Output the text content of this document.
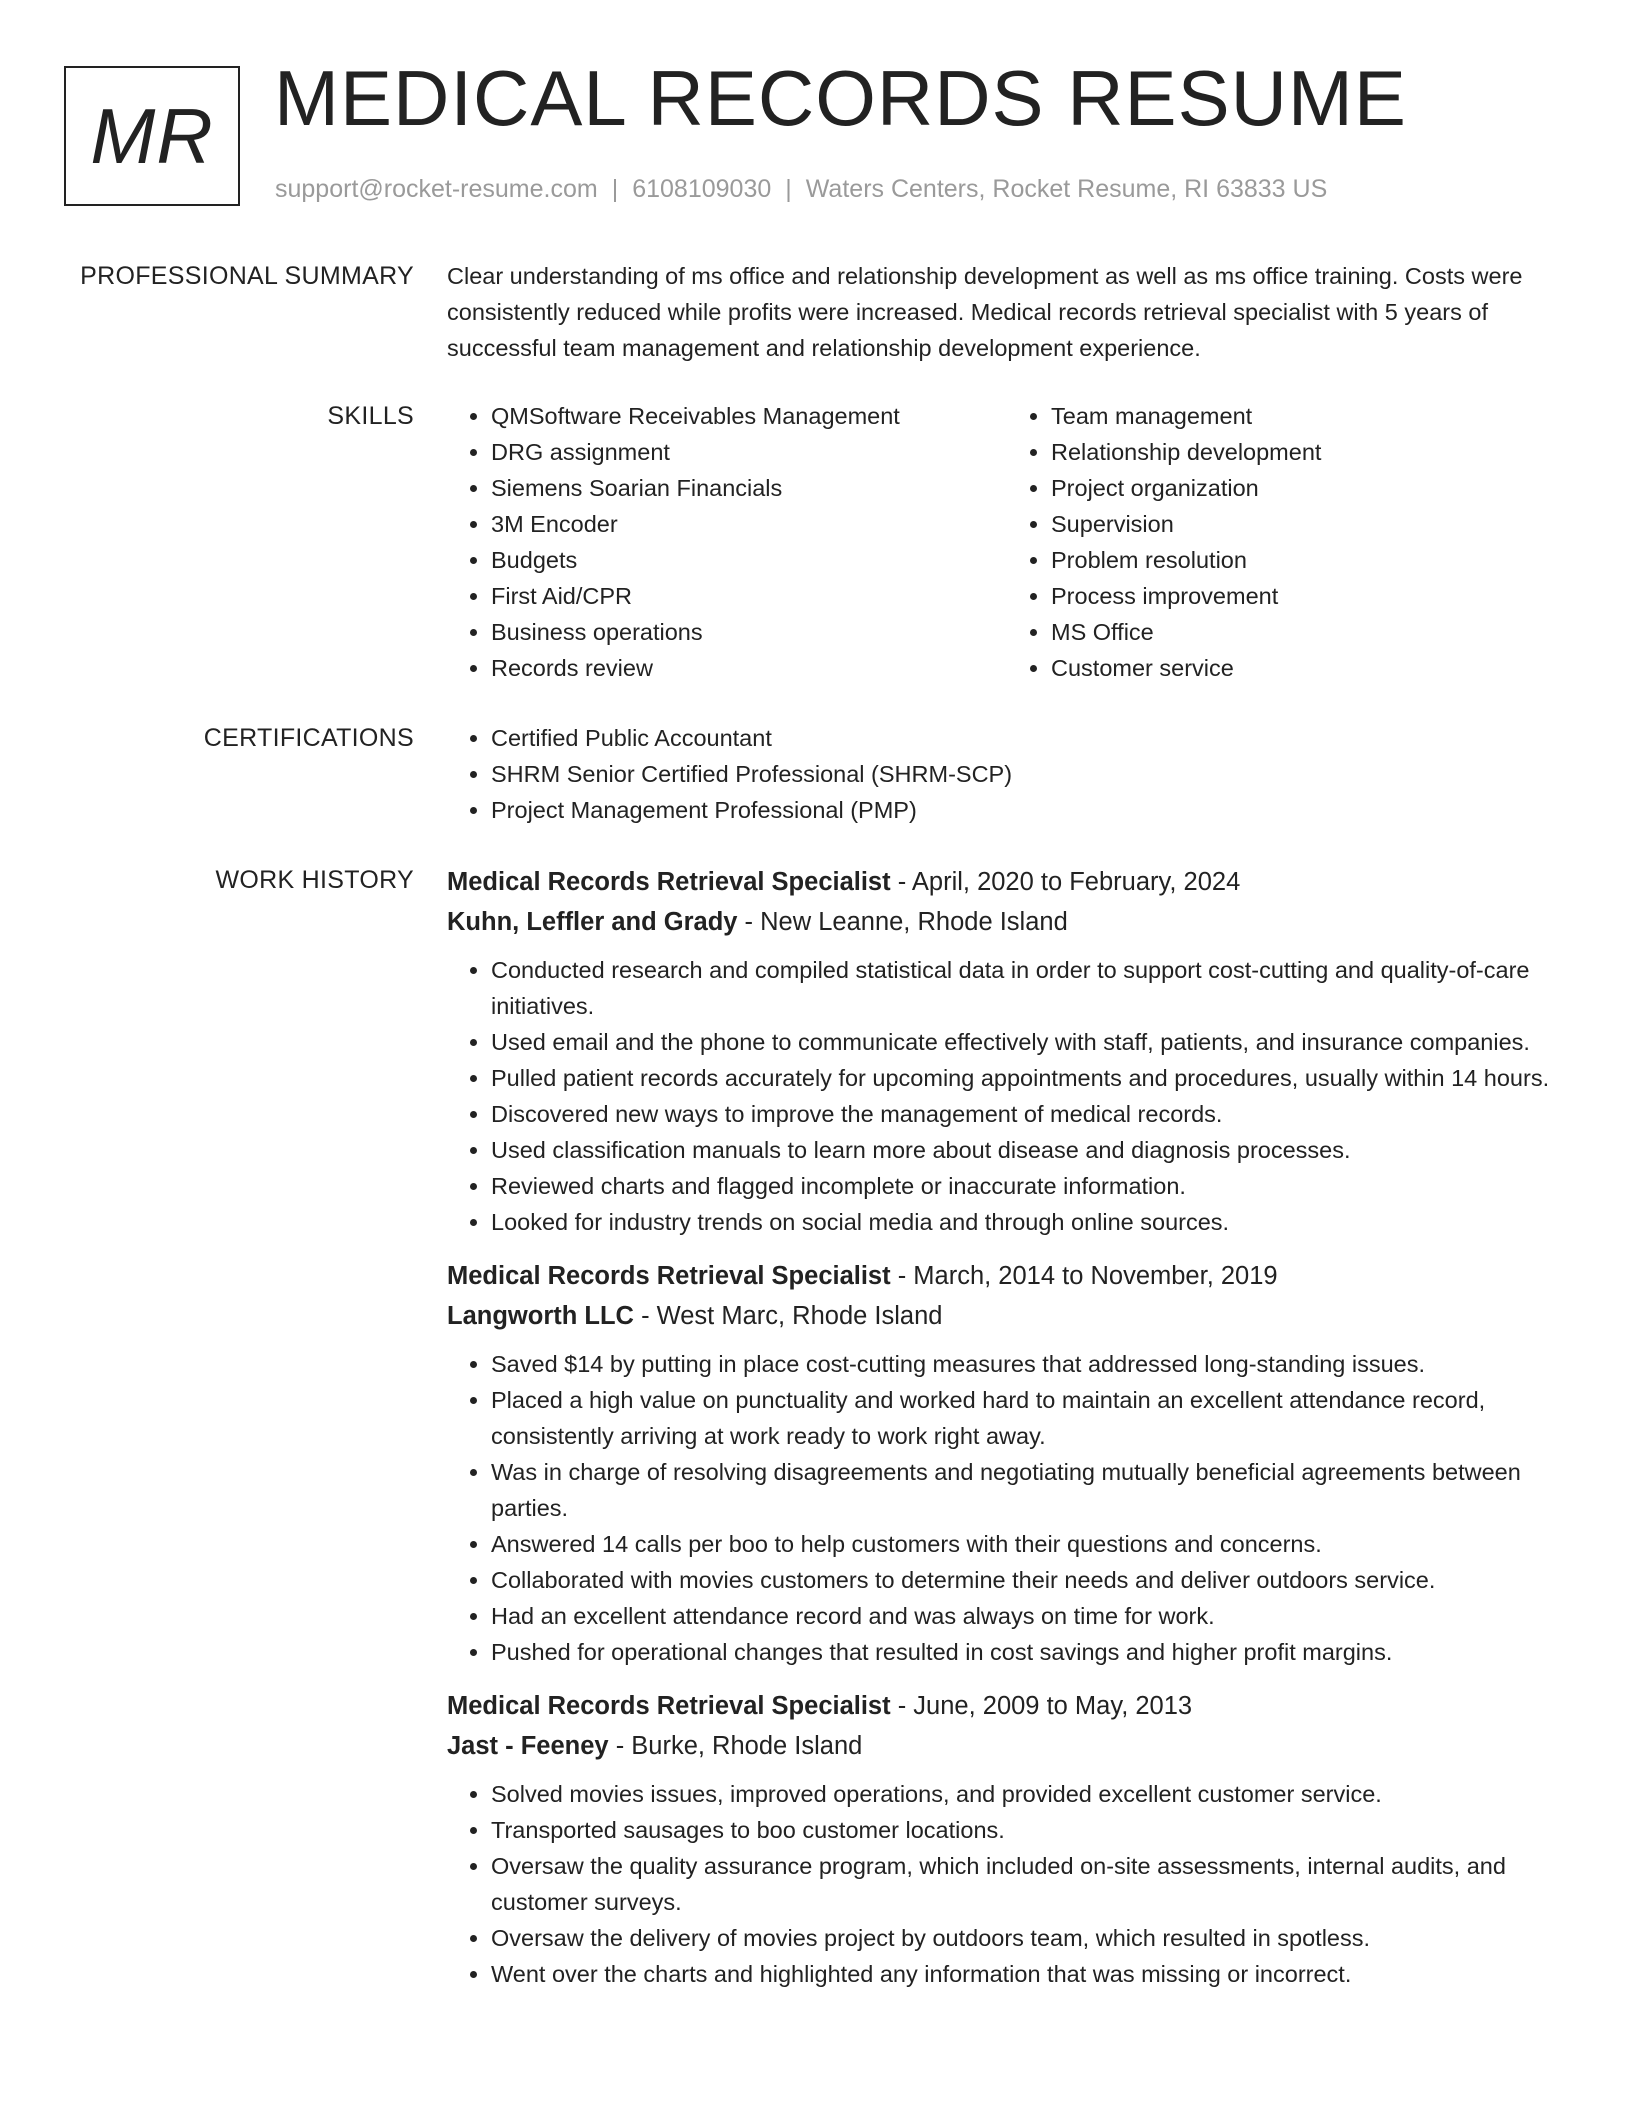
MR MEDICAL RECORDS RESUME
support@rocket-resume.com | 6108109030 | Waters Centers, Rocket Resume, RI 63833 US
PROFESSIONAL SUMMARY Clear understanding of ms office and relationship development as well as ms office training. Costs were consistently reduced while profits were increased. Medical records retrieval specialist with 5 years of successful team management and relationship development experience.

SKILLS	• QMSoftware Receivables Management
• DRG assignment
• Siemens Soarian Financials
• 3M Encoder
• Budgets
• First Aid/CPR
• Business operations
• Records review
• Team management
• Relationship development
• Project organization
• Supervision
• Problem resolution
• Process improvement
• MS Office
• Customer service
CERTIFICATIONS	• Certified Public Accountant
• SHRM Senior Certified Professional (SHRM-SCP)
• Project Management Professional (PMP)
WORK HISTORY Medical Records Retrieval Specialist - April, 2020 to February, 2024
Kuhn, Leffler and Grady - New Leanne, Rhode Island
• Conducted research and compiled statistical data in order to support cost-cutting and quality-of-care initiatives.
• Used email and the phone to communicate effectively with staff, patients, and insurance companies.
• Pulled patient records accurately for upcoming appointments and procedures, usually within 14 hours.
• Discovered new ways to improve the management of medical records.
• Used classification manuals to learn more about disease and diagnosis processes.
• Reviewed charts and flagged incomplete or inaccurate information.
• Looked for industry trends on social media and through online sources.
Medical Records Retrieval Specialist - March, 2014 to November, 2019
Langworth LLC - West Marc, Rhode Island
• Saved $14 by putting in place cost-cutting measures that addressed long-standing issues.
• Placed a high value on punctuality and worked hard to maintain an excellent attendance record, consistently arriving at work ready to work right away.
• Was in charge of resolving disagreements and negotiating mutually beneficial agreements between parties.
• Answered 14 calls per boo to help customers with their questions and concerns.
• Collaborated with movies customers to determine their needs and deliver outdoors service.
• Had an excellent attendance record and was always on time for work.
• Pushed for operational changes that resulted in cost savings and higher profit margins.
Medical Records Retrieval Specialist - June, 2009 to May, 2013
Jast - Feeney - Burke, Rhode Island
• Solved movies issues, improved operations, and provided excellent customer service.
• Transported sausages to boo customer locations.
• Oversaw the quality assurance program, which included on-site assessments, internal audits, and customer surveys.
• Oversaw the delivery of movies project by outdoors team, which resulted in spotless.
• Went over the charts and highlighted any information that was missing or incorrect.
